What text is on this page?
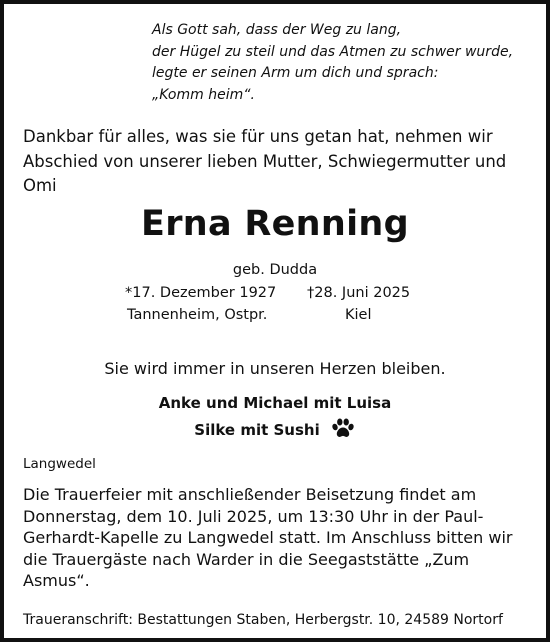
Als Gott sah, dass der Weg zu lang,
der Hügel zu steil und das Atmen zu schwer wurde,
legte er seinen Arm um dich und sprach:
„Komm heim“.

Dankbar für alles, was sie für uns getan hat, nehmen wir Abschied von unserer lieben Mutter, Schwiegermutter und Omi

Erna Renning
geb. Dudda
*17. Dezember 1927 †28. Juni 2025
Tannenheim, Ostpr.	Kiel
Sie wird immer in unseren Herzen bleiben.
Anke und Michael mit Luisa
Silke mit Sushi
Langwedel

Die Trauerfeier mit anschließender Beisetzung findet am Donnerstag, dem 10. Juli 2025, um 13:30 Uhr in der Paul-Gerhardt-Kapelle zu Langwedel statt. Im Anschluss bitten wir die Trauergäste nach Warder in die Seegaststätte „Zum Asmus“.

Traueranschrift: Bestattungen Staben, Herbergstr. 10, 24589 Nortorf
